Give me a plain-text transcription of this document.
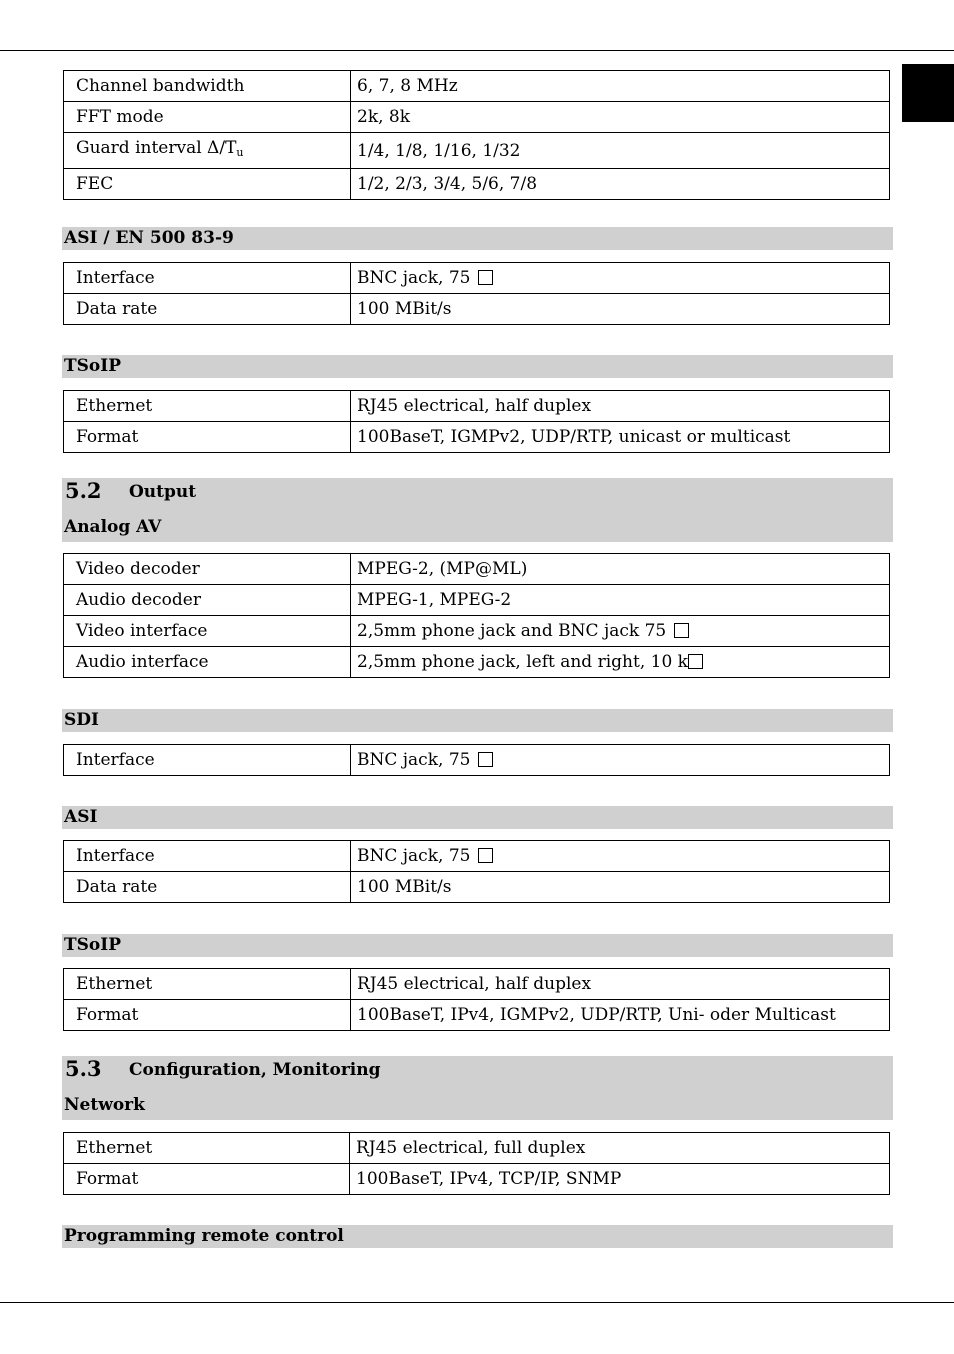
Channel bandwidth	6, 7, 8 MHz
FFT mode	2k, 8k
Guard interval $\Delta/T_u$	1/4, 1/8, 1/16, 1/32
FEC	1/2, 2/3, 3/4, 5/6, 7/8
ASI / EN 500 83-9
Interface	BNC jack, 75
Data rate	100 MBit/s
TSoIP
Ethernet	RJ45 electrical, half duplex
Format	100BaseT, IGMPv2, UDP/RTP, unicast or multicast
5.2 Output
Analog AV
Video decoder	MPEG-2, (MP@ML)
Audio decoder	MPEG-1, MPEG-2
Video interface	2,5mm phone jack and BNC jack 75
Audio interface	2,5mm phone jack, left and right, 10 k
SDI
Interface	BNC jack, 75
ASI
Interface	BNC jack, 75
Data rate	100 MBit/s
TSoIP
Ethernet	RJ45 electrical, half duplex
Format	100BaseT, IPv4, IGMPv2, UDP/RTP, Uni- oder Multicast
5.3 Configuration, Monitoring
Network
Ethernet	RJ45 electrical, full duplex
Format	100BaseT, IPv4, TCP/IP, SNMP
Programming remote control
